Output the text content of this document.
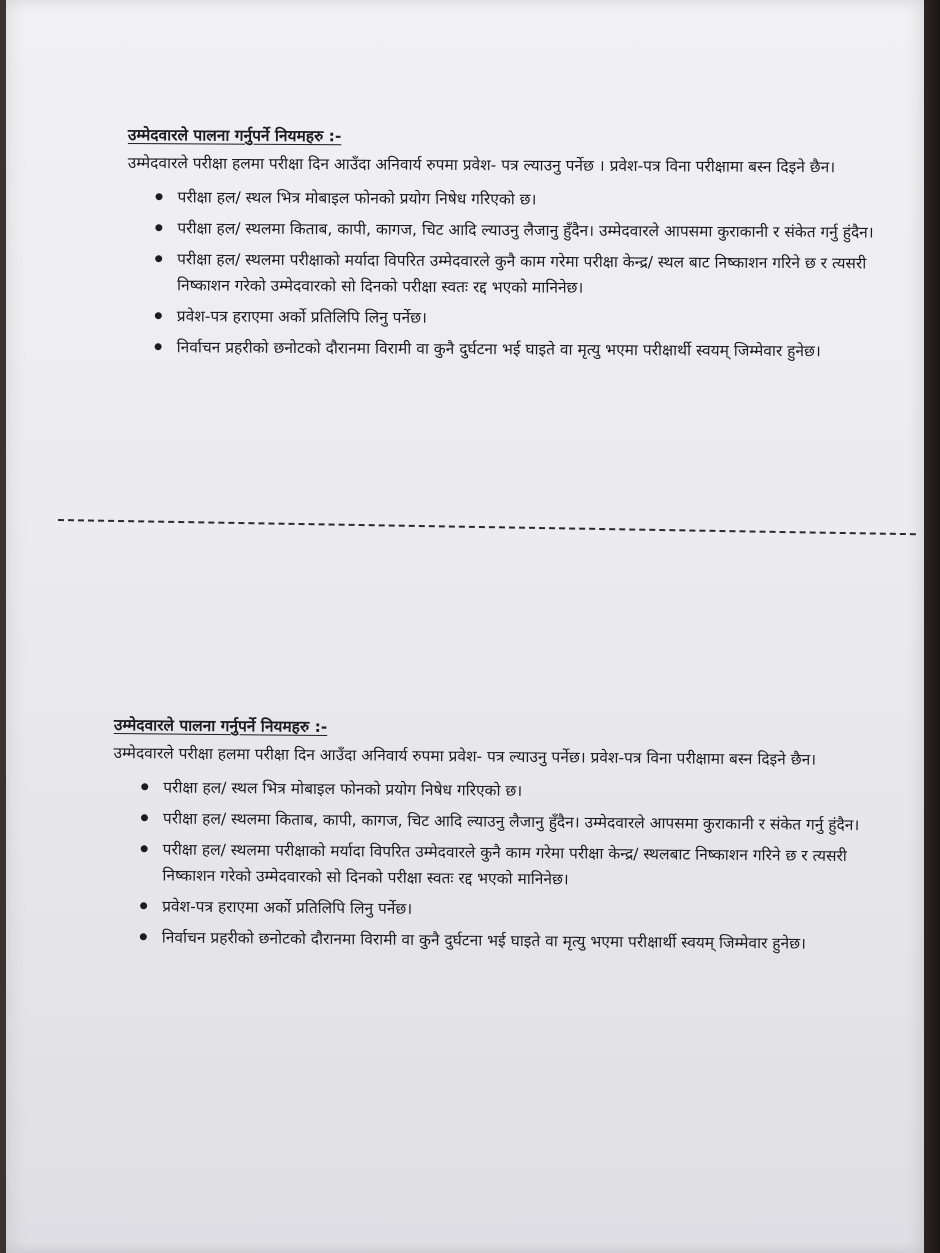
उम्मेदवारले पालना गर्नुपर्ने नियमहरु :-
उम्मेदवारले परीक्षा हलमा परीक्षा दिन आउँदा अनिवार्य रुपमा प्रवेश- पत्र ल्याउनु पर्नेछ । प्रवेश-पत्र विना परीक्षामा बस्न दिइने छैन।
परीक्षा हल/ स्थल भित्र मोबाइल फोनको प्रयोग निषेध गरिएको छ।
परीक्षा हल/ स्थलमा किताब, कापी, कागज, चिट आदि ल्याउनु लैजानु हुँदैन। उम्मेदवारले आपसमा कुराकानी र संकेत गर्नु हुंदैन।
परीक्षा हल/ स्थलमा परीक्षाको मर्यादा विपरित उम्मेदवारले कुनै काम गरेमा परीक्षा केन्द्र/ स्थल बाट निष्काशन गरिने छ र त्यसरी निष्काशन गरेको उम्मेदवारको सो दिनको परीक्षा स्वतः रद्द भएको मानिनेछ।
प्रवेश-पत्र हराएमा अर्को प्रतिलिपि लिनु पर्नेछ।
निर्वाचन प्रहरीको छनोटको दौरानमा विरामी वा कुनै दुर्घटना भई घाइते वा मृत्यु भएमा परीक्षार्थी स्वयम् जिम्मेवार हुनेछ।
उम्मेदवारले पालना गर्नुपर्ने नियमहरु :-
उम्मेदवारले परीक्षा हलमा परीक्षा दिन आउँदा अनिवार्य रुपमा प्रवेश- पत्र ल्याउनु पर्नेछ। प्रवेश-पत्र विना परीक्षामा बस्न दिइने छैन।
परीक्षा हल/ स्थल भित्र मोबाइल फोनको प्रयोग निषेध गरिएको छ।
परीक्षा हल/ स्थलमा किताब, कापी, कागज, चिट आदि ल्याउनु लैजानु हुँदैन। उम्मेदवारले आपसमा कुराकानी र संकेत गर्नु हुंदैन।
परीक्षा हल/ स्थलमा परीक्षाको मर्यादा विपरित उम्मेदवारले कुनै काम गरेमा परीक्षा केन्द्र/ स्थलबाट निष्काशन गरिने छ र त्यसरी निष्काशन गरेको उम्मेदवारको सो दिनको परीक्षा स्वतः रद्द भएको मानिनेछ।
प्रवेश-पत्र हराएमा अर्को प्रतिलिपि लिनु पर्नेछ।
निर्वाचन प्रहरीको छनोटको दौरानमा विरामी वा कुनै दुर्घटना भई घाइते वा मृत्यु भएमा परीक्षार्थी स्वयम् जिम्मेवार हुनेछ।
